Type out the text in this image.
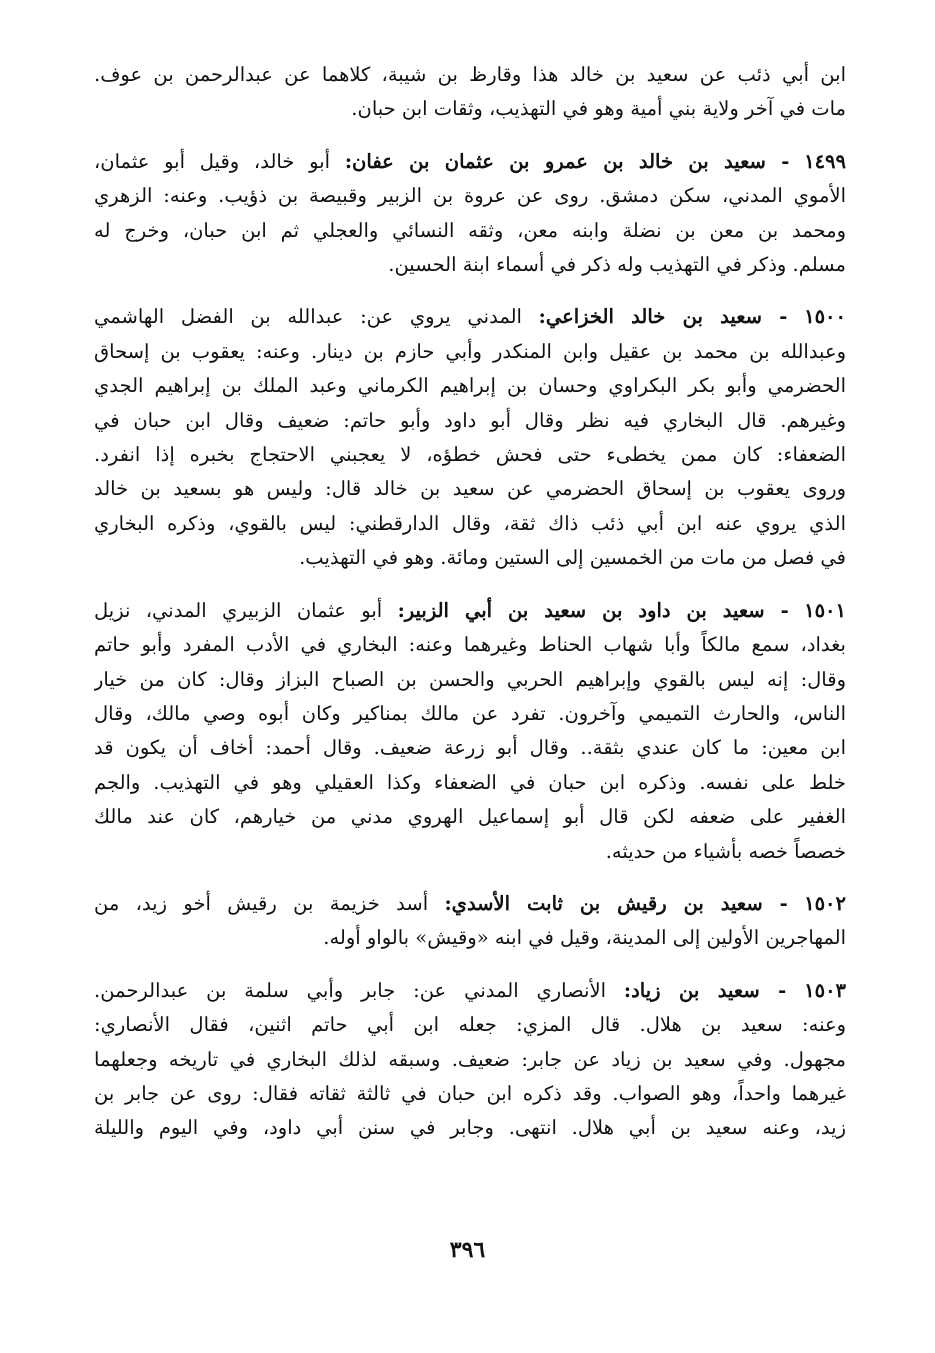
ابن أبي ذئب عن سعيد بن خالد هذا وقارظ بن شيبة، كلاهما عن عبدالرحمن بن عوف.
مات في آخر ولاية بني أمية وهو في التهذيب، وثقات ابن حبان.

١٤٩٩ - سعيد بن خالد بن عمرو بن عثمان بن عفان: أبو خالد، وقيل أبو عثمان،
الأموي المدني، سكن دمشق. روى عن عروة بن الزبير وقبيصة بن ذؤيب. وعنه: الزهري
ومحمد بن معن بن نضلة وابنه معن، وثقه النسائي والعجلي ثم ابن حبان، وخرج له
مسلم. وذكر في التهذيب وله ذكر في أسماء ابنة الحسين.

١٥٠٠ - سعيد بن خالد الخزاعي: المدني يروي عن: عبدالله بن الفضل الهاشمي
وعبدالله بن محمد بن عقيل وابن المنكدر وأبي حازم بن دينار. وعنه: يعقوب بن إسحاق
الحضرمي وأبو بكر البكراوي وحسان بن إبراهيم الكرماني وعبد الملك بن إبراهيم الجدي
وغيرهم. قال البخاري فيه نظر وقال أبو داود وأبو حاتم: ضعيف وقال ابن حبان في
الضعفاء: كان ممن يخطىء حتى فحش خطؤه، لا يعجبني الاحتجاج بخبره إذا انفرد.
وروى يعقوب بن إسحاق الحضرمي عن سعيد بن خالد قال: وليس هو بسعيد بن خالد
الذي يروي عنه ابن أبي ذئب ذاك ثقة، وقال الدارقطني: ليس بالقوي، وذكره البخاري
في فصل من مات من الخمسين إلى الستين ومائة. وهو في التهذيب.

١٥٠١ - سعيد بن داود بن سعيد بن أبي الزبير: أبو عثمان الزبيري المدني، نزيل
بغداد، سمع مالكاً وأبا شهاب الحناط وغيرهما وعنه: البخاري في الأدب المفرد وأبو حاتم
وقال: إنه ليس بالقوي وإبراهيم الحربي والحسن بن الصباح البزاز وقال: كان من خيار
الناس، والحارث التميمي وآخرون. تفرد عن مالك بمناكير وكان أبوه وصي مالك، وقال
ابن معين: ما كان عندي بثقة.. وقال أبو زرعة ضعيف. وقال أحمد: أخاف أن يكون قد
خلط على نفسه. وذكره ابن حبان في الضعفاء وكذا العقيلي وهو في التهذيب. والجم
الغفير على ضعفه لكن قال أبو إسماعيل الهروي مدني من خيارهم، كان عند مالك
خصصاً خصه بأشياء من حديثه.

١٥٠٢ - سعيد بن رقيش بن ثابت الأسدي: أسد خزيمة بن رقيش أخو زيد، من
المهاجرين الأولين إلى المدينة، وقيل في ابنه «وقيش» بالواو أوله.

١٥٠٣ - سعيد بن زياد: الأنصاري المدني عن: جابر وأبي سلمة بن عبدالرحمن.
وعنه: سعيد بن هلال. قال المزي: جعله ابن أبي حاتم اثنين، فقال الأنصاري:
مجهول. وفي سعيد بن زياد عن جابر: ضعيف. وسبقه لذلك البخاري في تاريخه وجعلهما
غيرهما واحداً، وهو الصواب. وقد ذكره ابن حبان في ثالثة ثقاته فقال: روى عن جابر بن
زيد، وعنه سعيد بن أبي هلال. انتهى. وجابر في سنن أبي داود، وفي اليوم والليلة

٣٩٦
